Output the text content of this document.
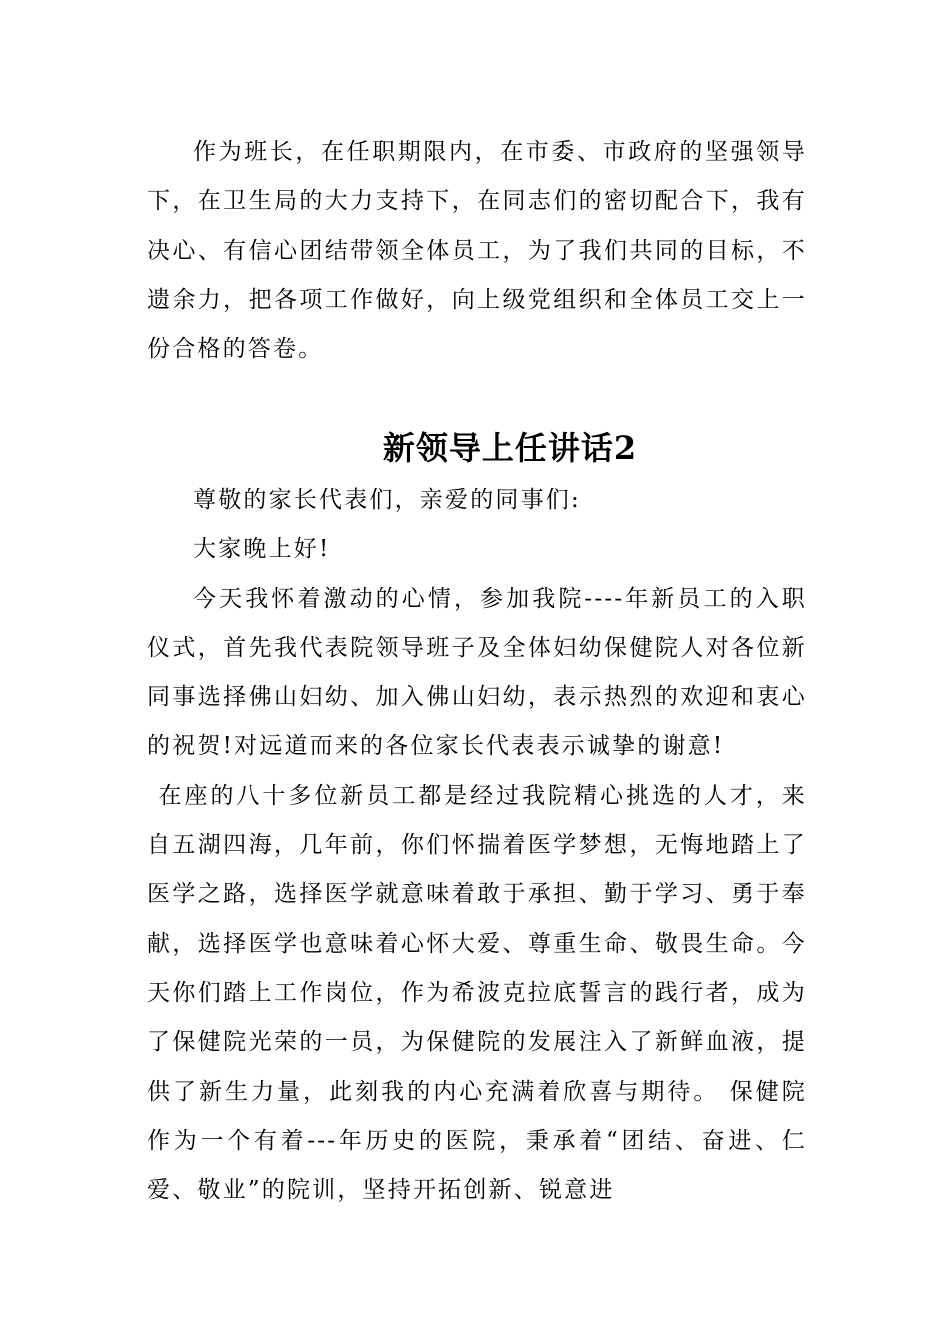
作为班长，在任职期限内，在市委、市政府的坚强领导下，在卫生局的大力支持下，在同志们的密切配合下，我有决心、有信心团结带领全体员工，为了我们共同的目标，不遗余力，把各项工作做好，向上级党组织和全体员工交上一份合格的答卷。

新领导上任讲话2

尊敬的家长代表们，亲爱的同事们:

大家晚上好!

今天我怀着激动的心情，参加我院----年新员工的入职仪式，首先我代表院领导班子及全体妇幼保健院人对各位新同事选择佛山妇幼、加入佛山妇幼，表示热烈的欢迎和衷心的祝贺!对远道而来的各位家长代表表示诚挚的谢意!

在座的八十多位新员工都是经过我院精心挑选的人才，来自五湖四海，几年前，你们怀揣着医学梦想，无悔地踏上了医学之路，选择医学就意味着敢于承担、勤于学习、勇于奉献，选择医学也意味着心怀大爱、尊重生命、敬畏生命。今天你们踏上工作岗位，作为希波克拉底誓言的践行者，成为了保健院光荣的一员，为保健院的发展注入了新鲜血液，提供了新生力量，此刻我的内心充满着欣喜与期待。 保健院作为一个有着---年历史的医院，秉承着“团结、奋进、仁爱、敬业”的院训，坚持开拓创新、锐意进
